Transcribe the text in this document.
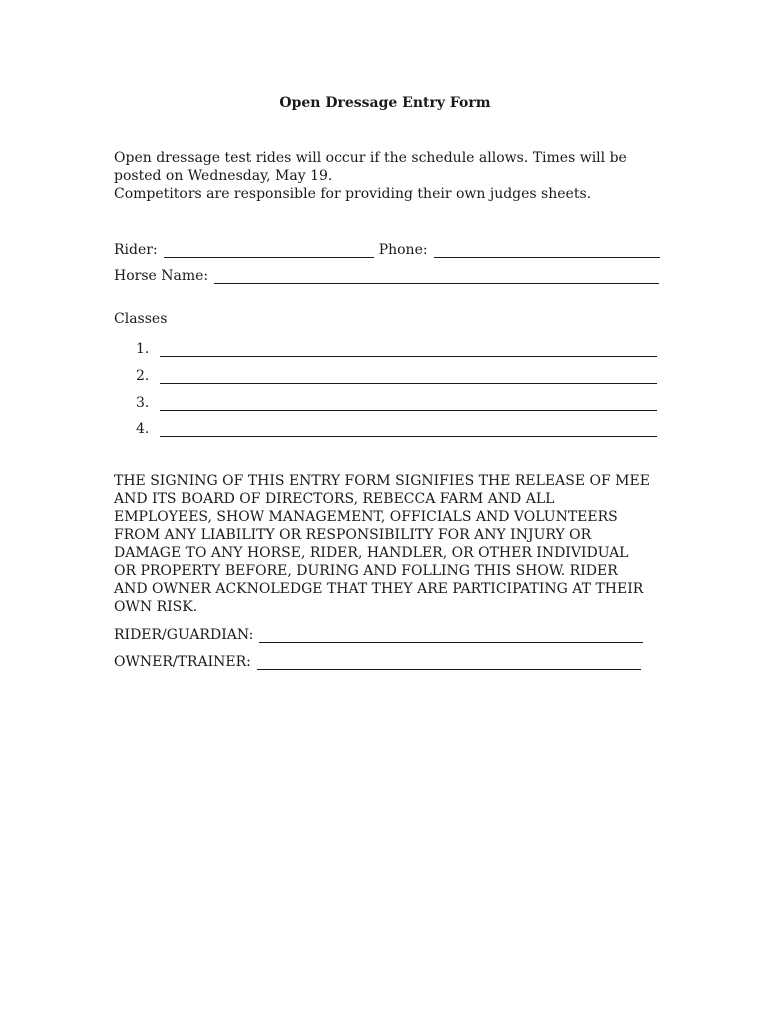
Open Dressage Entry Form

Open dressage test rides will occur if the schedule allows. Times will be posted on Wednesday, May 19.

Competitors are responsible for providing their own judges sheets.

Rider:	Phone:
Horse Name:
Classes
1.
2.
3.
4.
THE SIGNING OF THIS ENTRY FORM SIGNIFIES THE RELEASE OF MEE AND ITS BOARD OF DIRECTORS, REBECCA FARM AND ALL EMPLOYEES, SHOW MANAGEMENT, OFFICIALS AND VOLUNTEERS FROM ANY LIABILITY OR RESPONSIBILITY FOR ANY INJURY OR DAMAGE TO ANY HORSE, RIDER, HANDLER, OR OTHER INDIVIDUAL OR PROPERTY BEFORE, DURING AND FOLLING THIS SHOW. RIDER AND OWNER ACKNOLEDGE THAT THEY ARE PARTICIPATING AT THEIR OWN RISK.
RIDER/GUARDIAN:
OWNER/TRAINER:
